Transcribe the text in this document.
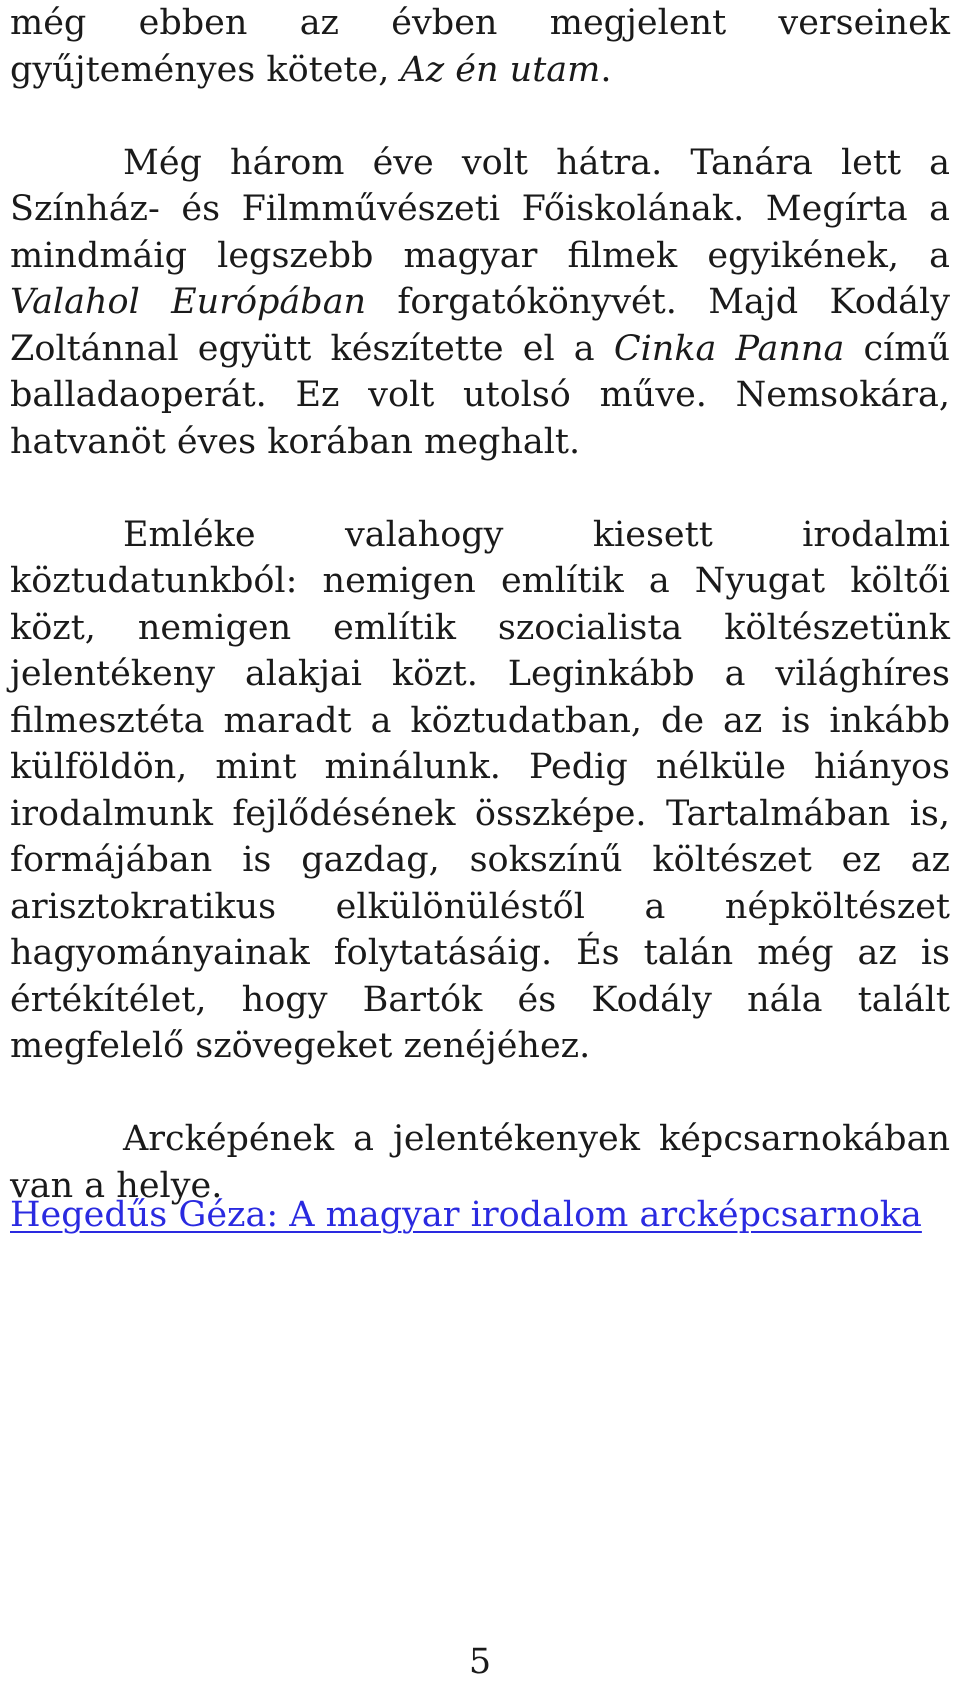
még ebben az évben megjelent verseinek gyűjteményes kötete, Az én utam.

Még három éve volt hátra. Tanára lett a Színház- és Filmművészeti Főiskolának. Megírta a mindmáig legszebb magyar filmek egyikének, a Valahol Európában forgatókönyvét. Majd Kodály Zoltánnal együtt készítette el a Cinka Panna című balladaoperát. Ez volt utolsó műve. Nemsokára, hatvanöt éves korában meghalt.

Emléke valahogy kiesett irodalmi köztudatunkból: nemigen említik a Nyugat költői közt, nemigen említik szocialista költészetünk jelentékeny alakjai közt. Leginkább a világhíres filmesztéta maradt a köztudatban, de az is inkább külföldön, mint minálunk. Pedig nélküle hiányos irodalmunk fejlődésének összképe. Tartalmában is, formájában is gazdag, sokszínű költészet ez az arisztokratikus elkülönüléstől a népköltészet hagyományainak folytatásáig. És talán még az is értékítélet, hogy Bartók és Kodály nála talált megfelelő szövegeket zenéjéhez.

Arcképének a jelentékenyek képcsarnokában van a helye.

Hegedűs Géza: A magyar irodalom arcképcsarnoka
5
